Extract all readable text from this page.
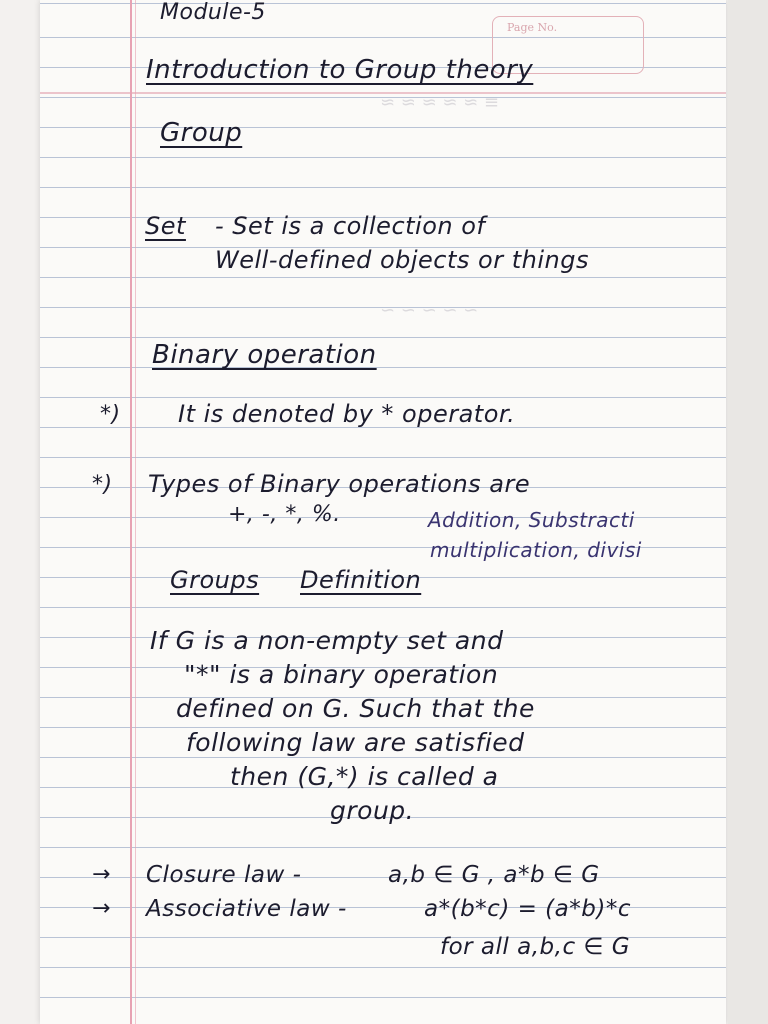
Page No.
≡ ≈ ≈ ≈ ≈ ≈
~ ~ ~ ~ ~
Module-5
Introduction to Group theory
Group
Set - Set is a collection of
Well-defined objects or things
Binary operation
*) It is denoted by * operator.
*) Types of Binary operations are
+, -, *, %.	Addition, Substracti
multiplication, divisi
Groups Definition
If G is a non-empty set and
"*" is a binary operation
defined on G. Such that the
following law are satisfied
then (G,*) is called a
group.
→ Closure law -	a,b ∈ G , a*b ∈ G
→ Associative law -	a*(b*c) = (a*b)*c
for all a,b,c ∈ G
